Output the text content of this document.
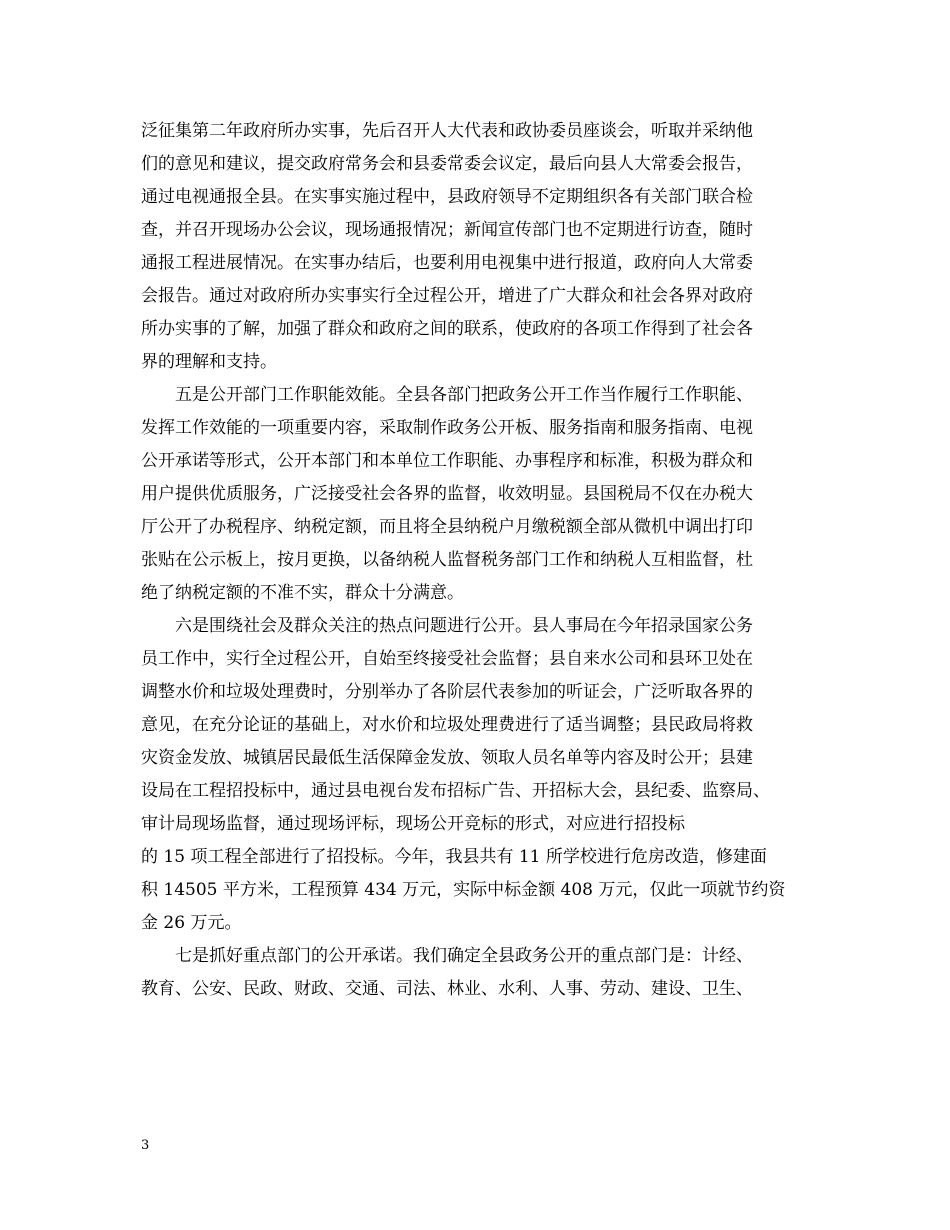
泛征集第二年政府所办实事，先后召开人大代表和政协委员座谈会，听取并采纳他
们的意见和建议，提交政府常务会和县委常委会议定，最后向县人大常委会报告，
通过电视通报全县。在实事实施过程中，县政府领导不定期组织各有关部门联合检
查，并召开现场办公会议，现场通报情况；新闻宣传部门也不定期进行访查，随时
通报工程进展情况。在实事办结后，也要利用电视集中进行报道，政府向人大常委
会报告。通过对政府所办实事实行全过程公开，增进了广大群众和社会各界对政府
所办实事的了解，加强了群众和政府之间的联系，使政府的各项工作得到了社会各
界的理解和支持。
五是公开部门工作职能效能。全县各部门把政务公开工作当作履行工作职能、
发挥工作效能的一项重要内容，采取制作政务公开板、服务指南和服务指南、电视
公开承诺等形式，公开本部门和本单位工作职能、办事程序和标准，积极为群众和
用户提供优质服务，广泛接受社会各界的监督，收效明显。县国税局不仅在办税大
厅公开了办税程序、纳税定额，而且将全县纳税户月缴税额全部从微机中调出打印
张贴在公示板上，按月更换，以备纳税人监督税务部门工作和纳税人互相监督，杜
绝了纳税定额的不准不实，群众十分满意。
六是围绕社会及群众关注的热点问题进行公开。县人事局在今年招录国家公务
员工作中，实行全过程公开，自始至终接受社会监督；县自来水公司和县环卫处在
调整水价和垃圾处理费时，分别举办了各阶层代表参加的听证会，广泛听取各界的
意见，在充分论证的基础上，对水价和垃圾处理费进行了适当调整；县民政局将救
灾资金发放、城镇居民最低生活保障金发放、领取人员名单等内容及时公开；县建
设局在工程招投标中，通过县电视台发布招标广告、开招标大会，县纪委、监察局、
审计局现场监督，通过现场评标，现场公开竞标的形式，对应进行招投标
的 15 项工程全部进行了招投标。今年，我县共有 11 所学校进行危房改造，修建面
积 14505 平方米，工程预算 434 万元，实际中标金额 408 万元，仅此一项就节约资
金 26 万元。
七是抓好重点部门的公开承诺。我们确定全县政务公开的重点部门是：计经、
教育、公安、民政、财政、交通、司法、林业、水利、人事、劳动、建设、卫生、
3
